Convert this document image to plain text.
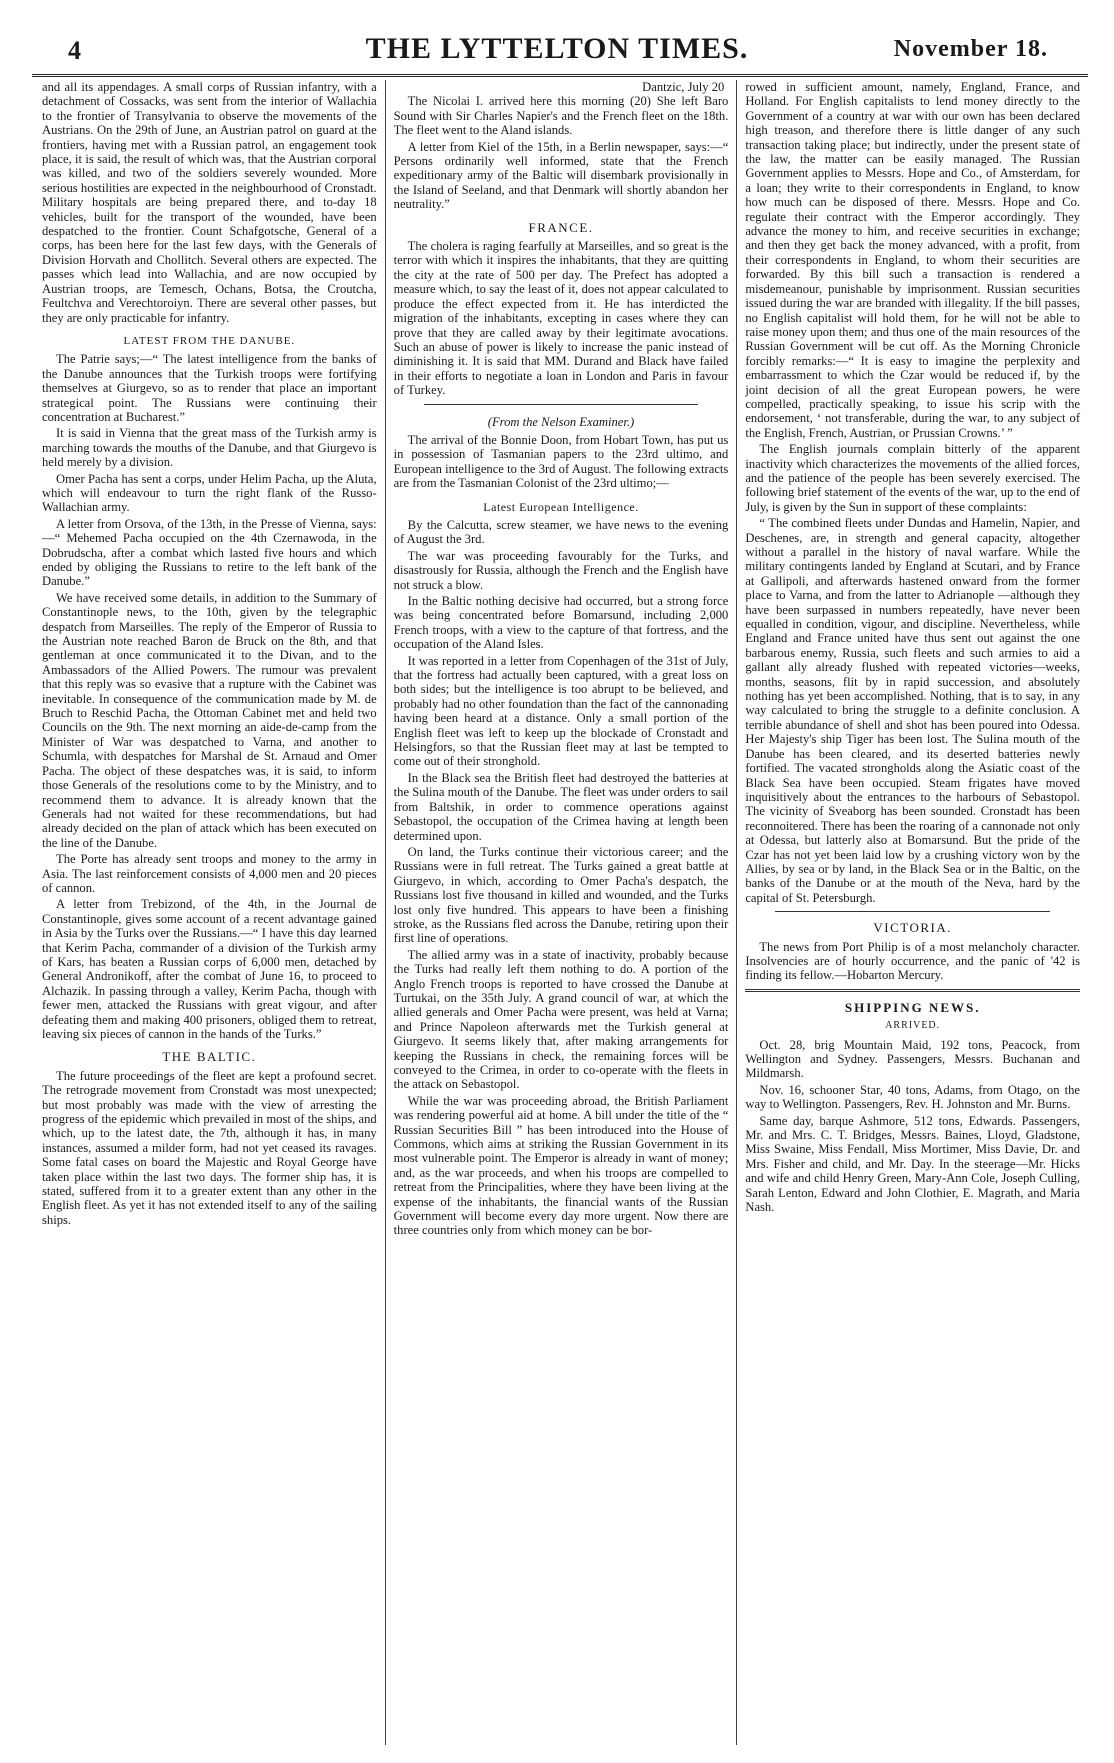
4	THE LYTTELTON TIMES.	November 18.

and all its appendages. A small corps of Russian infantry, with a detachment of Cossacks, was sent from the interior of Wallachia to the frontier of Transylvania to observe the movements of the Austrians. On the 29th of June, an Austrian patrol on guard at the frontiers, having met with a Russian patrol, an engagement took place, it is said, the result of which was, that the Austrian corporal was killed, and two of the soldiers severely wounded. More serious hostilities are expected in the neighbourhood of Cronstadt. Military hospitals are being prepared there, and to-day 18 vehicles, built for the transport of the wounded, have been despatched to the frontier. Count Schafgotsche, General of a corps, has been here for the last few days, with the Generals of Division Horvath and Chollitch. Several others are expected. The passes which lead into Wallachia, and are now occupied by Austrian troops, are Temesch, Ochans, Botsa, the Croutcha, Feultchva and Verechtoroiyn. There are several other passes, but they are only practicable for infantry.

LATEST FROM THE DANUBE.

The Patrie says;—“ The latest intelligence from the banks of the Danube announces that the Turkish troops were fortifying themselves at Giurgevo, so as to render that place an important strategical point. The Russians were continuing their concentration at Bucharest.”

It is said in Vienna that the great mass of the Turkish army is marching towards the mouths of the Danube, and that Giurgevo is held merely by a division.

Omer Pacha has sent a corps, under Helim Pacha, up the Aluta, which will endeavour to turn the right flank of the Russo-Wallachian army.

A letter from Orsova, of the 13th, in the Presse of Vienna, says:—“ Mehemed Pacha occupied on the 4th Czernawoda, in the Dobrudscha, after a combat which lasted five hours and which ended by obliging the Russians to retire to the left bank of the Danube.”

We have received some details, in addition to the Summary of Constantinople news, to the 10th, given by the telegraphic despatch from Marseilles. The reply of the Emperor of Russia to the Austrian note reached Baron de Bruck on the 8th, and that gentleman at once communicated it to the Divan, and to the Ambassadors of the Allied Powers. The rumour was prevalent that this reply was so evasive that a rupture with the Cabinet was inevitable. In consequence of the communication made by M. de Bruch to Reschid Pacha, the Ottoman Cabinet met and held two Councils on the 9th. The next morning an aide-de-camp from the Minister of War was despatched to Varna, and another to Schumla, with despatches for Marshal de St. Arnaud and Omer Pacha. The object of these despatches was, it is said, to inform those Generals of the resolutions come to by the Ministry, and to recommend them to advance. It is already known that the Generals had not waited for these recommendations, but had already decided on the plan of attack which has been executed on the line of the Danube.

The Porte has already sent troops and money to the army in Asia. The last reinforcement consists of 4,000 men and 20 pieces of cannon.

A letter from Trebizond, of the 4th, in the Journal de Constantinople, gives some account of a recent advantage gained in Asia by the Turks over the Russians.—“ I have this day learned that Kerim Pacha, commander of a division of the Turkish army of Kars, has beaten a Russian corps of 6,000 men, detached by General Andronikoff, after the combat of June 16, to proceed to Alchazik. In passing through a valley, Kerim Pacha, though with fewer men, attacked the Russians with great vigour, and after defeating them and making 400 prisoners, obliged them to retreat, leaving six pieces of cannon in the hands of the Turks.”

THE BALTIC.

The future proceedings of the fleet are kept a profound secret. The retrograde movement from Cronstadt was most unexpected; but most probably was made with the view of arresting the progress of the epidemic which prevailed in most of the ships, and which, up to the latest date, the 7th, although it has, in many instances, assumed a milder form, had not yet ceased its ravages. Some fatal cases on board the Majestic and Royal George have taken place within the last two days. The former ship has, it is stated, suffered from it to a greater extent than any other in the English fleet. As yet it has not extended itself to any of the sailing ships.

Dantzic, July 20

The Nicolai I. arrived here this morning (20) She left Baro Sound with Sir Charles Napier's and the French fleet on the 18th. The fleet went to the Aland islands.

A letter from Kiel of the 15th, in a Berlin newspaper, says:—“ Persons ordinarily well informed, state that the French expeditionary army of the Baltic will disembark provisionally in the Island of Seeland, and that Denmark will shortly abandon her neutrality.”

FRANCE.

The cholera is raging fearfully at Marseilles, and so great is the terror with which it inspires the inhabitants, that they are quitting the city at the rate of 500 per day. The Prefect has adopted a measure which, to say the least of it, does not appear calculated to produce the effect expected from it. He has interdicted the migration of the inhabitants, excepting in cases where they can prove that they are called away by their legitimate avocations. Such an abuse of power is likely to increase the panic instead of diminishing it. It is said that MM. Durand and Black have failed in their efforts to negotiate a loan in London and Paris in favour of Turkey.

(From the Nelson Examiner.)

The arrival of the Bonnie Doon, from Hobart Town, has put us in possession of Tasmanian papers to the 23rd ultimo, and European intelligence to the 3rd of August. The following extracts are from the Tasmanian Colonist of the 23rd ultimo;—

Latest European Intelligence.

By the Calcutta, screw steamer, we have news to the evening of August the 3rd.

The war was proceeding favourably for the Turks, and disastrously for Russia, although the French and the English have not struck a blow.

In the Baltic nothing decisive had occurred, but a strong force was being concentrated before Bomarsund, including 2,000 French troops, with a view to the capture of that fortress, and the occupation of the Aland Isles.

It was reported in a letter from Copenhagen of the 31st of July, that the fortress had actually been captured, with a great loss on both sides; but the intelligence is too abrupt to be believed, and probably had no other foundation than the fact of the cannonading having been heard at a distance. Only a small portion of the English fleet was left to keep up the blockade of Cronstadt and Helsingfors, so that the Russian fleet may at last be tempted to come out of their stronghold.

In the Black sea the British fleet had destroyed the batteries at the Sulina mouth of the Danube. The fleet was under orders to sail from Baltshik, in order to commence operations against Sebastopol, the occupation of the Crimea having at length been determined upon.

On land, the Turks continue their victorious career; and the Russians were in full retreat. The Turks gained a great battle at Giurgevo, in which, according to Omer Pacha's despatch, the Russians lost five thousand in killed and wounded, and the Turks lost only five hundred. This appears to have been a finishing stroke, as the Russians fled across the Danube, retiring upon their first line of operations.

The allied army was in a state of inactivity, probably because the Turks had really left them nothing to do. A portion of the Anglo French troops is reported to have crossed the Danube at Turtukai, on the 35th July. A grand council of war, at which the allied generals and Omer Pacha were present, was held at Varna; and Prince Napoleon afterwards met the Turkish general at Giurgevo. It seems likely that, after making arrangements for keeping the Russians in check, the remaining forces will be conveyed to the Crimea, in order to co-operate with the fleets in the attack on Sebastopol.

While the war was proceeding abroad, the British Parliament was rendering powerful aid at home. A bill under the title of the “ Russian Securities Bill ” has been introduced into the House of Commons, which aims at striking the Russian Government in its most vulnerable point. The Emperor is already in want of money; and, as the war proceeds, and when his troops are compelled to retreat from the Principalities, where they have been living at the expense of the inhabitants, the financial wants of the Russian Government will become every day more urgent. Now there are three countries only from which money can be bor-

rowed in sufficient amount, namely, England, France, and Holland. For English capitalists to lend money directly to the Government of a country at war with our own has been declared high treason, and therefore there is little danger of any such transaction taking place; but indirectly, under the present state of the law, the matter can be easily managed. The Russian Government applies to Messrs. Hope and Co., of Amsterdam, for a loan; they write to their correspondents in England, to know how much can be disposed of there. Messrs. Hope and Co. regulate their contract with the Emperor accordingly. They advance the money to him, and receive securities in exchange; and then they get back the money advanced, with a profit, from their correspondents in England, to whom their securities are forwarded. By this bill such a transaction is rendered a misdemeanour, punishable by imprisonment. Russian securities issued during the war are branded with illegality. If the bill passes, no English capitalist will hold them, for he will not be able to raise money upon them; and thus one of the main resources of the Russian Government will be cut off. As the Morning Chronicle forcibly remarks:—“ It is easy to imagine the perplexity and embarrassment to which the Czar would be reduced if, by the joint decision of all the great European powers, he were compelled, practically speaking, to issue his scrip with the endorsement, ‘ not transferable, during the war, to any subject of the English, French, Austrian, or Prussian Crowns.’ ”

The English journals complain bitterly of the apparent inactivity which characterizes the movements of the allied forces, and the patience of the people has been severely exercised. The following brief statement of the events of the war, up to the end of July, is given by the Sun in support of these complaints:

“ The combined fleets under Dundas and Hamelin, Napier, and Deschenes, are, in strength and general capacity, altogether without a parallel in the history of naval warfare. While the military contingents landed by England at Scutari, and by France at Gallipoli, and afterwards hastened onward from the former place to Varna, and from the latter to Adrianople —although they have been surpassed in numbers repeatedly, have never been equalled in condition, vigour, and discipline. Nevertheless, while England and France united have thus sent out against the one barbarous enemy, Russia, such fleets and such armies to aid a gallant ally already flushed with repeated victories—weeks, months, seasons, flit by in rapid succession, and absolutely nothing has yet been accomplished. Nothing, that is to say, in any way calculated to bring the struggle to a definite conclusion. A terrible abundance of shell and shot has been poured into Odessa. Her Majesty's ship Tiger has been lost. The Sulina mouth of the Danube has been cleared, and its deserted batteries newly fortified. The vacated strongholds along the Asiatic coast of the Black Sea have been occupied. Steam frigates have moved inquisitively about the entrances to the harbours of Sebastopol. The vicinity of Sveaborg has been sounded. Cronstadt has been reconnoitered. There has been the roaring of a cannonade not only at Odessa, but latterly also at Bomarsund. But the pride of the Czar has not yet been laid low by a crushing victory won by the Allies, by sea or by land, in the Black Sea or in the Baltic, on the banks of the Danube or at the mouth of the Neva, hard by the capital of St. Petersburgh.

VICTORIA.

The news from Port Philip is of a most melancholy character. Insolvencies are of hourly occurrence, and the panic of '42 is finding its fellow.—Hobarton Mercury.

SHIPPING NEWS.
ARRIVED.

Oct. 28, brig Mountain Maid, 192 tons, Peacock, from Wellington and Sydney. Passengers, Messrs. Buchanan and Mildmarsh.

Nov. 16, schooner Star, 40 tons, Adams, from Otago, on the way to Wellington. Passengers, Rev. H. Johnston and Mr. Burns.

Same day, barque Ashmore, 512 tons, Edwards. Passengers, Mr. and Mrs. C. T. Bridges, Messrs. Baines, Lloyd, Gladstone, Miss Swaine, Miss Fendall, Miss Mortimer, Miss Davie, Dr. and Mrs. Fisher and child, and Mr. Day. In the steerage—Mr. Hicks and wife and child Henry Green, Mary-Ann Cole, Joseph Culling, Sarah Lenton, Edward and John Clothier, E. Magrath, and Maria Nash.
